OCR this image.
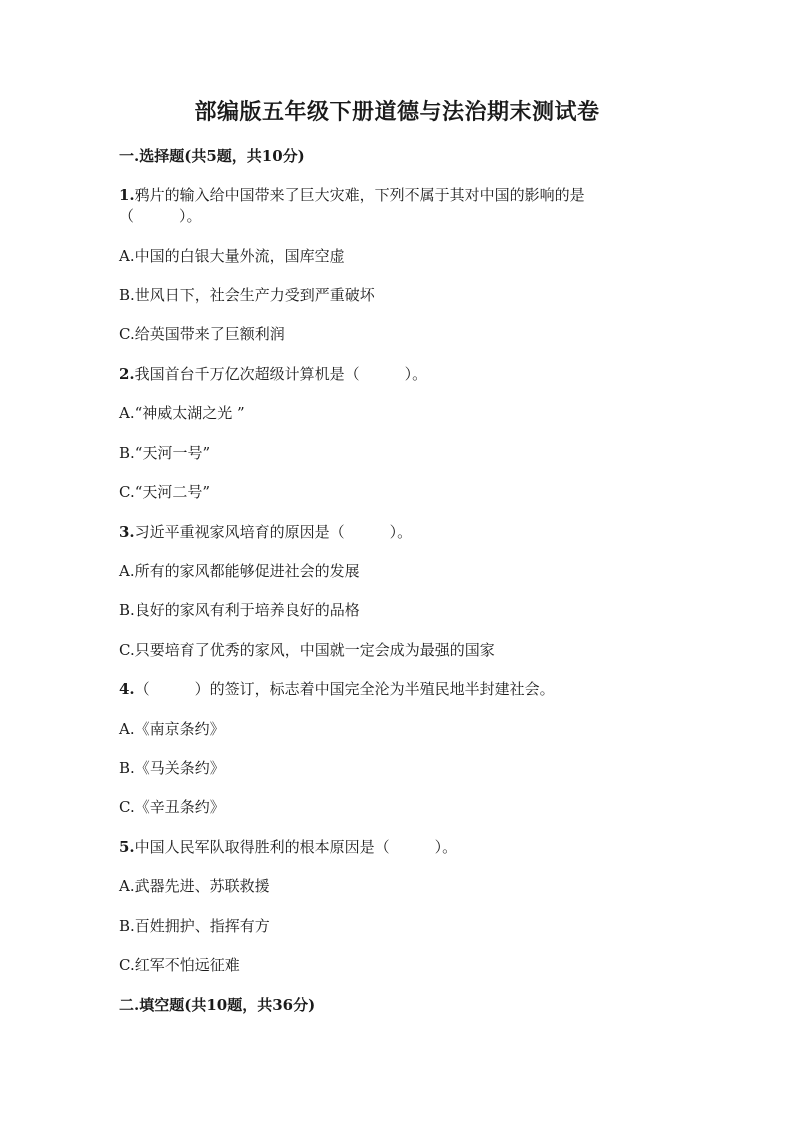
部编版五年级下册道德与法治期末测试卷
一.选择题(共5题，共10分)
1.鸦片的输入给中国带来了巨大灾难，下列不属于其对中国的影响的是
（　　　）。
A.中国的白银大量外流，国库空虚
B.世风日下，社会生产力受到严重破坏
C.给英国带来了巨额利润
2.我国首台千万亿次超级计算机是（　　　）。
A.“神威太湖之光 ”
B.“天河一号”
C.“天河二号”
3.习近平重视家风培育的原因是（　　　）。
A.所有的家风都能够促进社会的发展
B.良好的家风有利于培养良好的品格
C.只要培育了优秀的家风，中国就一定会成为最强的国家
4.（　　　）的签订，标志着中国完全沦为半殖民地半封建社会。
A.《南京条约》
B.《马关条约》
C.《辛丑条约》
5.中国人民军队取得胜利的根本原因是（　　　）。
A.武器先进、苏联救援
B.百姓拥护、指挥有方
C.红军不怕远征难
二.填空题(共10题，共36分)
